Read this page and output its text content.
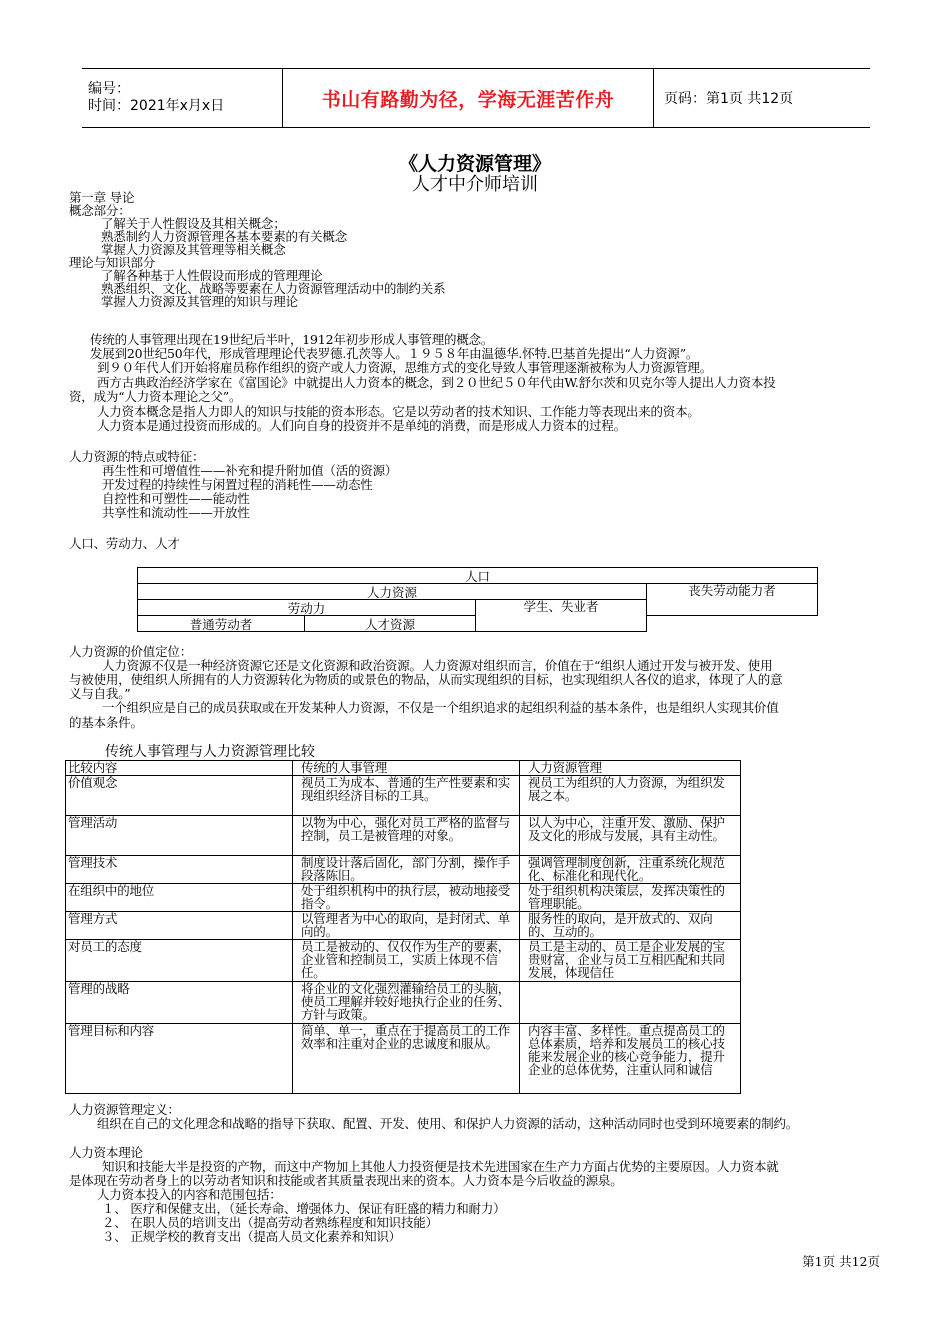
编号：
时间：2021年x月x日	书山有路勤为径，学海无涯苦作舟	页码：第1页 共12页
《人力资源管理》
人才中介师培训
第一章 导论
概念部分：
了解关于人性假设及其相关概念；
熟悉制约人力资源管理各基本要素的有关概念
掌握人力资源及其管理等相关概念
理论与知识部分
了解各种基于人性假设而形成的管理理论
熟悉组织、文化、战略等要素在人力资源管理活动中的制约关系
掌握人力资源及其管理的知识与理论
传统的人事管理出现在19世纪后半叶，1912年初步形成人事管理的概念。
发展到20世纪50年代，形成管理理论代表罗德.孔茨等人。１９５８年由温德华.怀特.巴基首先提出“人力资源”。
到９０年代人们开始将雇员称作组织的资产或人力资源，思维方式的变化导致人事管理逐渐被称为人力资源管理。
西方古典政治经济学家在《富国论》中就提出人力资本的概念，到２０世纪５０年代由W.舒尔茨和贝克尔等人提出人力资本投
资，成为“人力资本理论之父”。
人力资本概念是指人力即人的知识与技能的资本形态。它是以劳动者的技术知识、工作能力等表现出来的资本。
人力资本是通过投资而形成的。人们向自身的投资并不是单纯的消费，而是形成人力资本的过程。
人力资源的特点或特征：
再生性和可增值性——补充和提升附加值（活的资源）
开发过程的持续性与闲置过程的消耗性——动态性
自控性和可塑性——能动性
共享性和流动性——开放性
人口、劳动力、人才
人口			
人力资源			丧失劳动能力者
劳动力		学生、失业者	
普通劳动者	人才资源		
人力资源的价值定位：
人力资源不仅是一种经济资源它还是文化资源和政治资源。人力资源对组织而言，价值在于“组织人通过开发与被开发、使用
与被使用，使组织人所拥有的人力资源转化为物质的或景色的物品，从而实现组织的目标，也实现组织人各仪的追求，体现了人的意
义与自我。”
一个组织应是自己的成员获取或在开发某种人力资源，不仅是一个组织追求的起组织利益的基本条件，也是组织人实现其价值
的基本条件。
传统人事管理与人力资源管理比较
比较内容	传统的人事管理	人力资源管理
价值观念	视员工为成本、普通的生产性要素和实现组织经济目标的工具。	视员工为组织的人力资源，为组织发展之本。
管理活动	以物为中心，强化对员工严格的监督与控制，员工是被管理的对象。	以人为中心，注重开发、激励、保护及文化的形成与发展，具有主动性。
管理技术	制度设计落后固化，部门分割，操作手段落陈旧。	强调管理制度创新，注重系统化规范化、标准化和现代化。
在组织中的地位	处于组织机构中的执行层，被动地接受指令。	处于组织机构决策层，发挥决策性的管理职能。
管理方式	以管理者为中心的取向，是封闭式、单向的。	服务性的取向，是开放式的、双向的、互动的。
对员工的态度	员工是被动的、仅仅作为生产的要素，企业管和控制员工，实质上体现不信任。	员工是主动的、员工是企业发展的宝贵财富，企业与员工互相匹配和共同发展，体现信任
管理的战略	将企业的文化强烈灌输给员工的头脑，使员工理解并较好地执行企业的任务、方针与政策。	
管理目标和内容	简单、单一，重点在于提高员工的工作效率和注重对企业的忠诚度和服从。	内容丰富、多样性。重点提高员工的总体素质，培养和发展员工的核心技能来发展企业的核心竞争能力，提升企业的总体优势，注重认同和诚信
人力资源管理定义：
组织在自己的文化理念和战略的指导下获取、配置、开发、使用、和保护人力资源的活动，这种活动同时也受到环境要素的制约。
人力资本理论
知识和技能大半是投资的产物，而这中产物加上其他人力投资便是技术先进国家在生产力方面占优势的主要原因。人力资本就
是体现在劳动者身上的以劳动者知识和技能或者其质量表现出来的资本。人力资本是今后收益的源泉。
人力资本投入的内容和范围包括：
１、 医疗和保健支出，（延长寿命、增强体力、保证有旺盛的精力和耐力）
２、 在职人员的培训支出（提高劳动者熟练程度和知识技能）
３、 正规学校的教育支出（提高人员文化素养和知识）
第1页 共12页
